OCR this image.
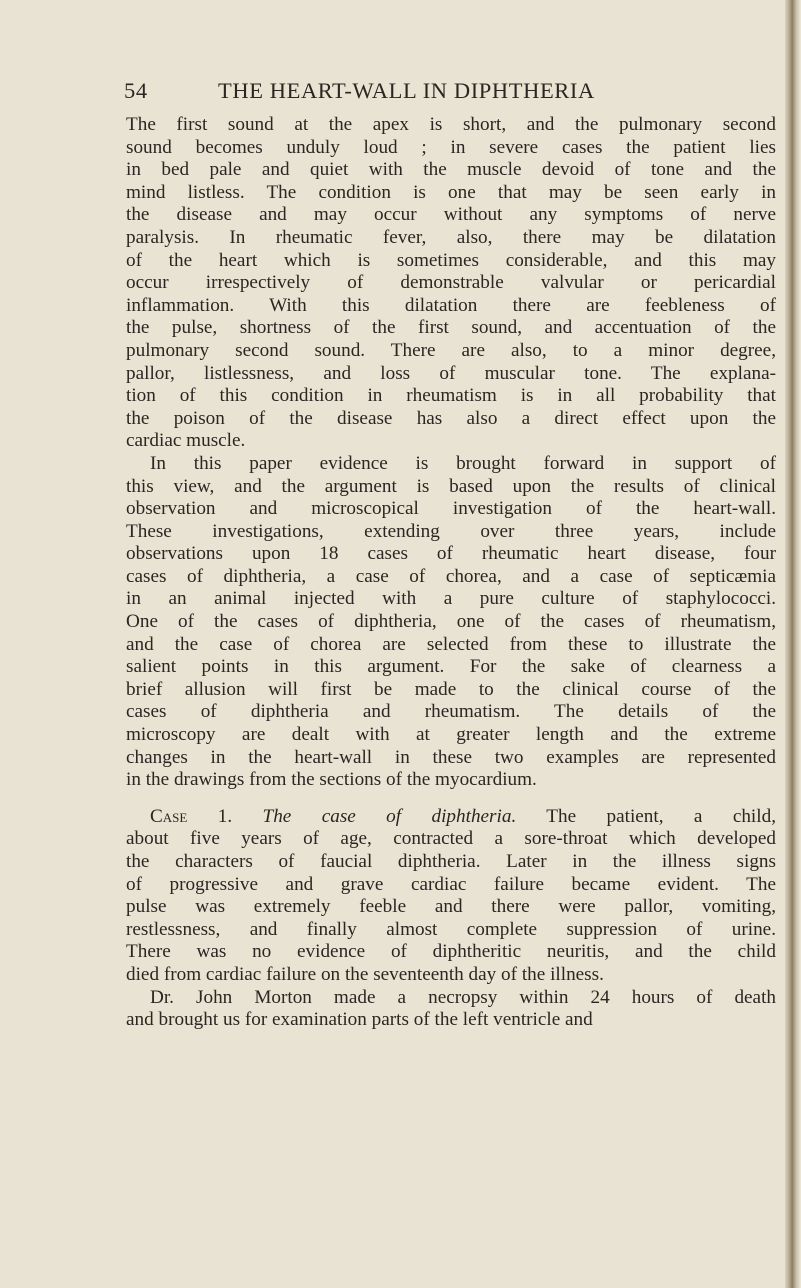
54	THE HEART-WALL IN DIPHTHERIA
The first sound at the apex is short, and the pulmonary second
sound becomes unduly loud ; in severe cases the patient lies
in bed pale and quiet with the muscle devoid of tone and the
mind listless. The condition is one that may be seen early in
the disease and may occur without any symptoms of nerve
paralysis. In rheumatic fever, also, there may be dilatation
of the heart which is sometimes considerable, and this may
occur irrespectively of demonstrable valvular or pericardial
inflammation. With this dilatation there are feebleness of
the pulse, shortness of the first sound, and accentuation of the
pulmonary second sound. There are also, to a minor degree,
pallor, listlessness, and loss of muscular tone. The explana-
tion of this condition in rheumatism is in all probability that
the poison of the disease has also a direct effect upon the
cardiac muscle.
In this paper evidence is brought forward in support of
this view, and the argument is based upon the results of clinical
observation and microscopical investigation of the heart-wall.
These investigations, extending over three years, include
observations upon 18 cases of rheumatic heart disease, four
cases of diphtheria, a case of chorea, and a case of septicæmia
in an animal injected with a pure culture of staphylococci.
One of the cases of diphtheria, one of the cases of rheumatism,
and the case of chorea are selected from these to illustrate the
salient points in this argument. For the sake of clearness a
brief allusion will first be made to the clinical course of the
cases of diphtheria and rheumatism. The details of the
microscopy are dealt with at greater length and the extreme
changes in the heart-wall in these two examples are represented
in the drawings from the sections of the myocardium.
Case 1. The case of diphtheria. The patient, a child,
about five years of age, contracted a sore-throat which developed
the characters of faucial diphtheria. Later in the illness signs
of progressive and grave cardiac failure became evident. The
pulse was extremely feeble and there were pallor, vomiting,
restlessness, and finally almost complete suppression of urine.
There was no evidence of diphtheritic neuritis, and the child
died from cardiac failure on the seventeenth day of the illness.
Dr. John Morton made a necropsy within 24 hours of death
and brought us for examination parts of the left ventricle and
